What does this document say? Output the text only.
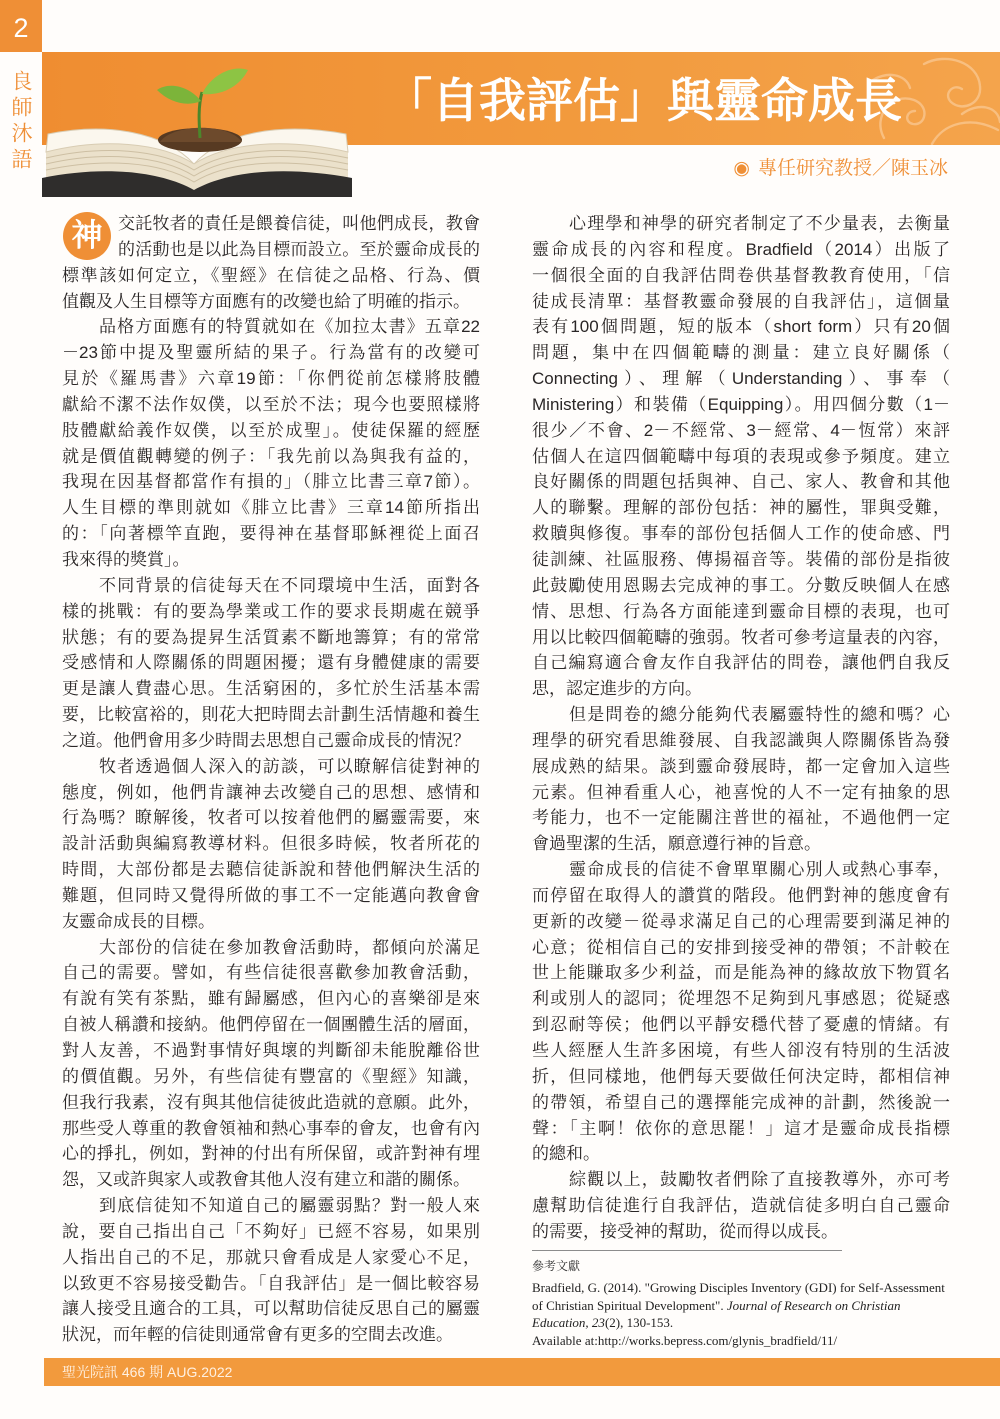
2
良師沐語	「自我評估」與靈命成長
◉ 專任研究教授／陳玉冰
交託牧者的責任是餵養信徒，叫他們成長，教會
的活動也是以此為目標而設立。至於靈命成長的
標準該如何定立，《聖經》在信徒之品格、行為、價
值觀及人生目標等方面應有的改變也給了明確的指示。
品格方面應有的特質就如在《加拉太書》五章22
－23節中提及聖靈所結的果子。行為當有的改變可
見於《羅馬書》六章19節：「你們從前怎樣將肢體
獻給不潔不法作奴僕，以至於不法；現今也要照樣將
肢體獻給義作奴僕，以至於成聖」。使徒保羅的經歷
就是價值觀轉變的例子：「我先前以為與我有益的，
我現在因基督都當作有損的」（腓立比書三章7節）。
人生目標的準則就如《腓立比書》三章14節所指出
的：「向著標竿直跑，要得神在基督耶穌裡從上面召
我來得的獎賞」。
不同背景的信徒每天在不同環境中生活，面對各
樣的挑戰：有的要為學業或工作的要求長期處在競爭
狀態；有的要為提昇生活質素不斷地籌算；有的常常
受感情和人際關係的問題困擾；還有身體健康的需要
更是讓人費盡心思。生活窮困的，多忙於生活基本需
要，比較富裕的，則花大把時間去計劃生活情趣和養生
之道。他們會用多少時間去思想自己靈命成長的情況？
牧者透過個人深入的訪談，可以瞭解信徒對神的
態度，例如，他們肯讓神去改變自己的思想、感情和
行為嗎？瞭解後，牧者可以按着他們的屬靈需要，來
設計活動與編寫教導材料。但很多時候，牧者所花的
時間，大部份都是去聽信徒訴說和替他們解決生活的
難題，但同時又覺得所做的事工不一定能邁向教會會
友靈命成長的目標。
大部份的信徒在參加教會活動時，都傾向於滿足
自己的需要。譬如，有些信徒很喜歡參加教會活動，
有說有笑有茶點，雖有歸屬感，但內心的喜樂卻是來
自被人稱讚和接納。他們停留在一個團體生活的層面，
對人友善，不過對事情好與壞的判斷卻未能脫離俗世
的價值觀。另外，有些信徒有豐富的《聖經》知識，
但我行我素，沒有與其他信徒彼此造就的意願。此外，
那些受人尊重的教會領袖和熱心事奉的會友，也會有內
心的掙扎，例如，對神的付出有所保留，或許對神有埋
怨，又或許與家人或教會其他人沒有建立和諧的關係。
到底信徒知不知道自己的屬靈弱點？對一般人來
說，要自己指出自己「不夠好」已經不容易，如果別
人指出自己的不足，那就只會看成是人家愛心不足，
以致更不容易接受勸告。「自我評估」是一個比較容易
讓人接受且適合的工具，可以幫助信徒反思自己的屬靈
狀況，而年輕的信徒則通常會有更多的空間去改進。
神	心理學和神學的研究者制定了不少量表，去衡量
靈命成長的內容和程度。Bradfield（2014）出版了
一個很全面的自我評估問卷供基督教教育使用，「信
徒成長清單：基督教靈命發展的自我評估」，這個量
表有100個問題，短的版本（short form）只有20個
問題，集中在四個範疇的測量：建立良好關係（
Connecting）、理解（Understanding）、事奉（
Ministering）和裝備（Equipping）。用四個分數（1－
很少／不會、2－不經常、3－經常、4－恆常）來評
估個人在這四個範疇中每項的表現或參予頻度。建立
良好關係的問題包括與神、自己、家人、教會和其他
人的聯繫。理解的部份包括：神的屬性，罪與受難，
救贖與修復。事奉的部份包括個人工作的使命感、門
徒訓練、社區服務、傳揚福音等。裝備的部份是指彼
此鼓勵使用恩賜去完成神的事工。分數反映個人在感
情、思想、行為各方面能達到靈命目標的表現，也可
用以比較四個範疇的強弱。牧者可參考這量表的內容，
自己編寫適合會友作自我評估的問卷，讓他們自我反
思，認定進步的方向。
但是問卷的總分能夠代表屬靈特性的總和嗎？心
理學的研究看思維發展、自我認識與人際關係皆為發
展成熟的結果。談到靈命發展時，都一定會加入這些
元素。但神看重人心，祂喜悅的人不一定有抽象的思
考能力，也不一定能關注普世的福祉，不過他們一定
會過聖潔的生活，願意遵行神的旨意。
靈命成長的信徒不會單單關心別人或熱心事奉，
而停留在取得人的讚賞的階段。他們對神的態度會有
更新的改變－從尋求滿足自己的心理需要到滿足神的
心意；從相信自己的安排到接受神的帶領；不計較在
世上能賺取多少利益，而是能為神的緣故放下物質名
利或別人的認同；從埋怨不足夠到凡事感恩；從疑惑
到忍耐等侯；他們以平靜安穩代替了憂慮的情緒。有
些人經歷人生許多困境，有些人卻沒有特別的生活波
折，但同樣地，他們每天要做任何決定時，都相信神
的帶領，希望自己的選擇能完成神的計劃，然後說一
聲：「主啊！依你的意思罷！」這才是靈命成長指標
的總和。
綜觀以上，鼓勵牧者們除了直接教導外，亦可考
慮幫助信徒進行自我評估，造就信徒多明白自己靈命
的需要，接受神的幫助，從而得以成長。
參考文獻
Bradfield, G. (2014). "Growing Disciples Inventory (GDI) for Self-Assessment
of Christian Spiritual Development". Journal of Research on Christian
Education, 23(2), 130-153.
Available at:http://works.bepress.com/glynis_bradfield/11/
聖光院訊 466 期 AUG.2022
